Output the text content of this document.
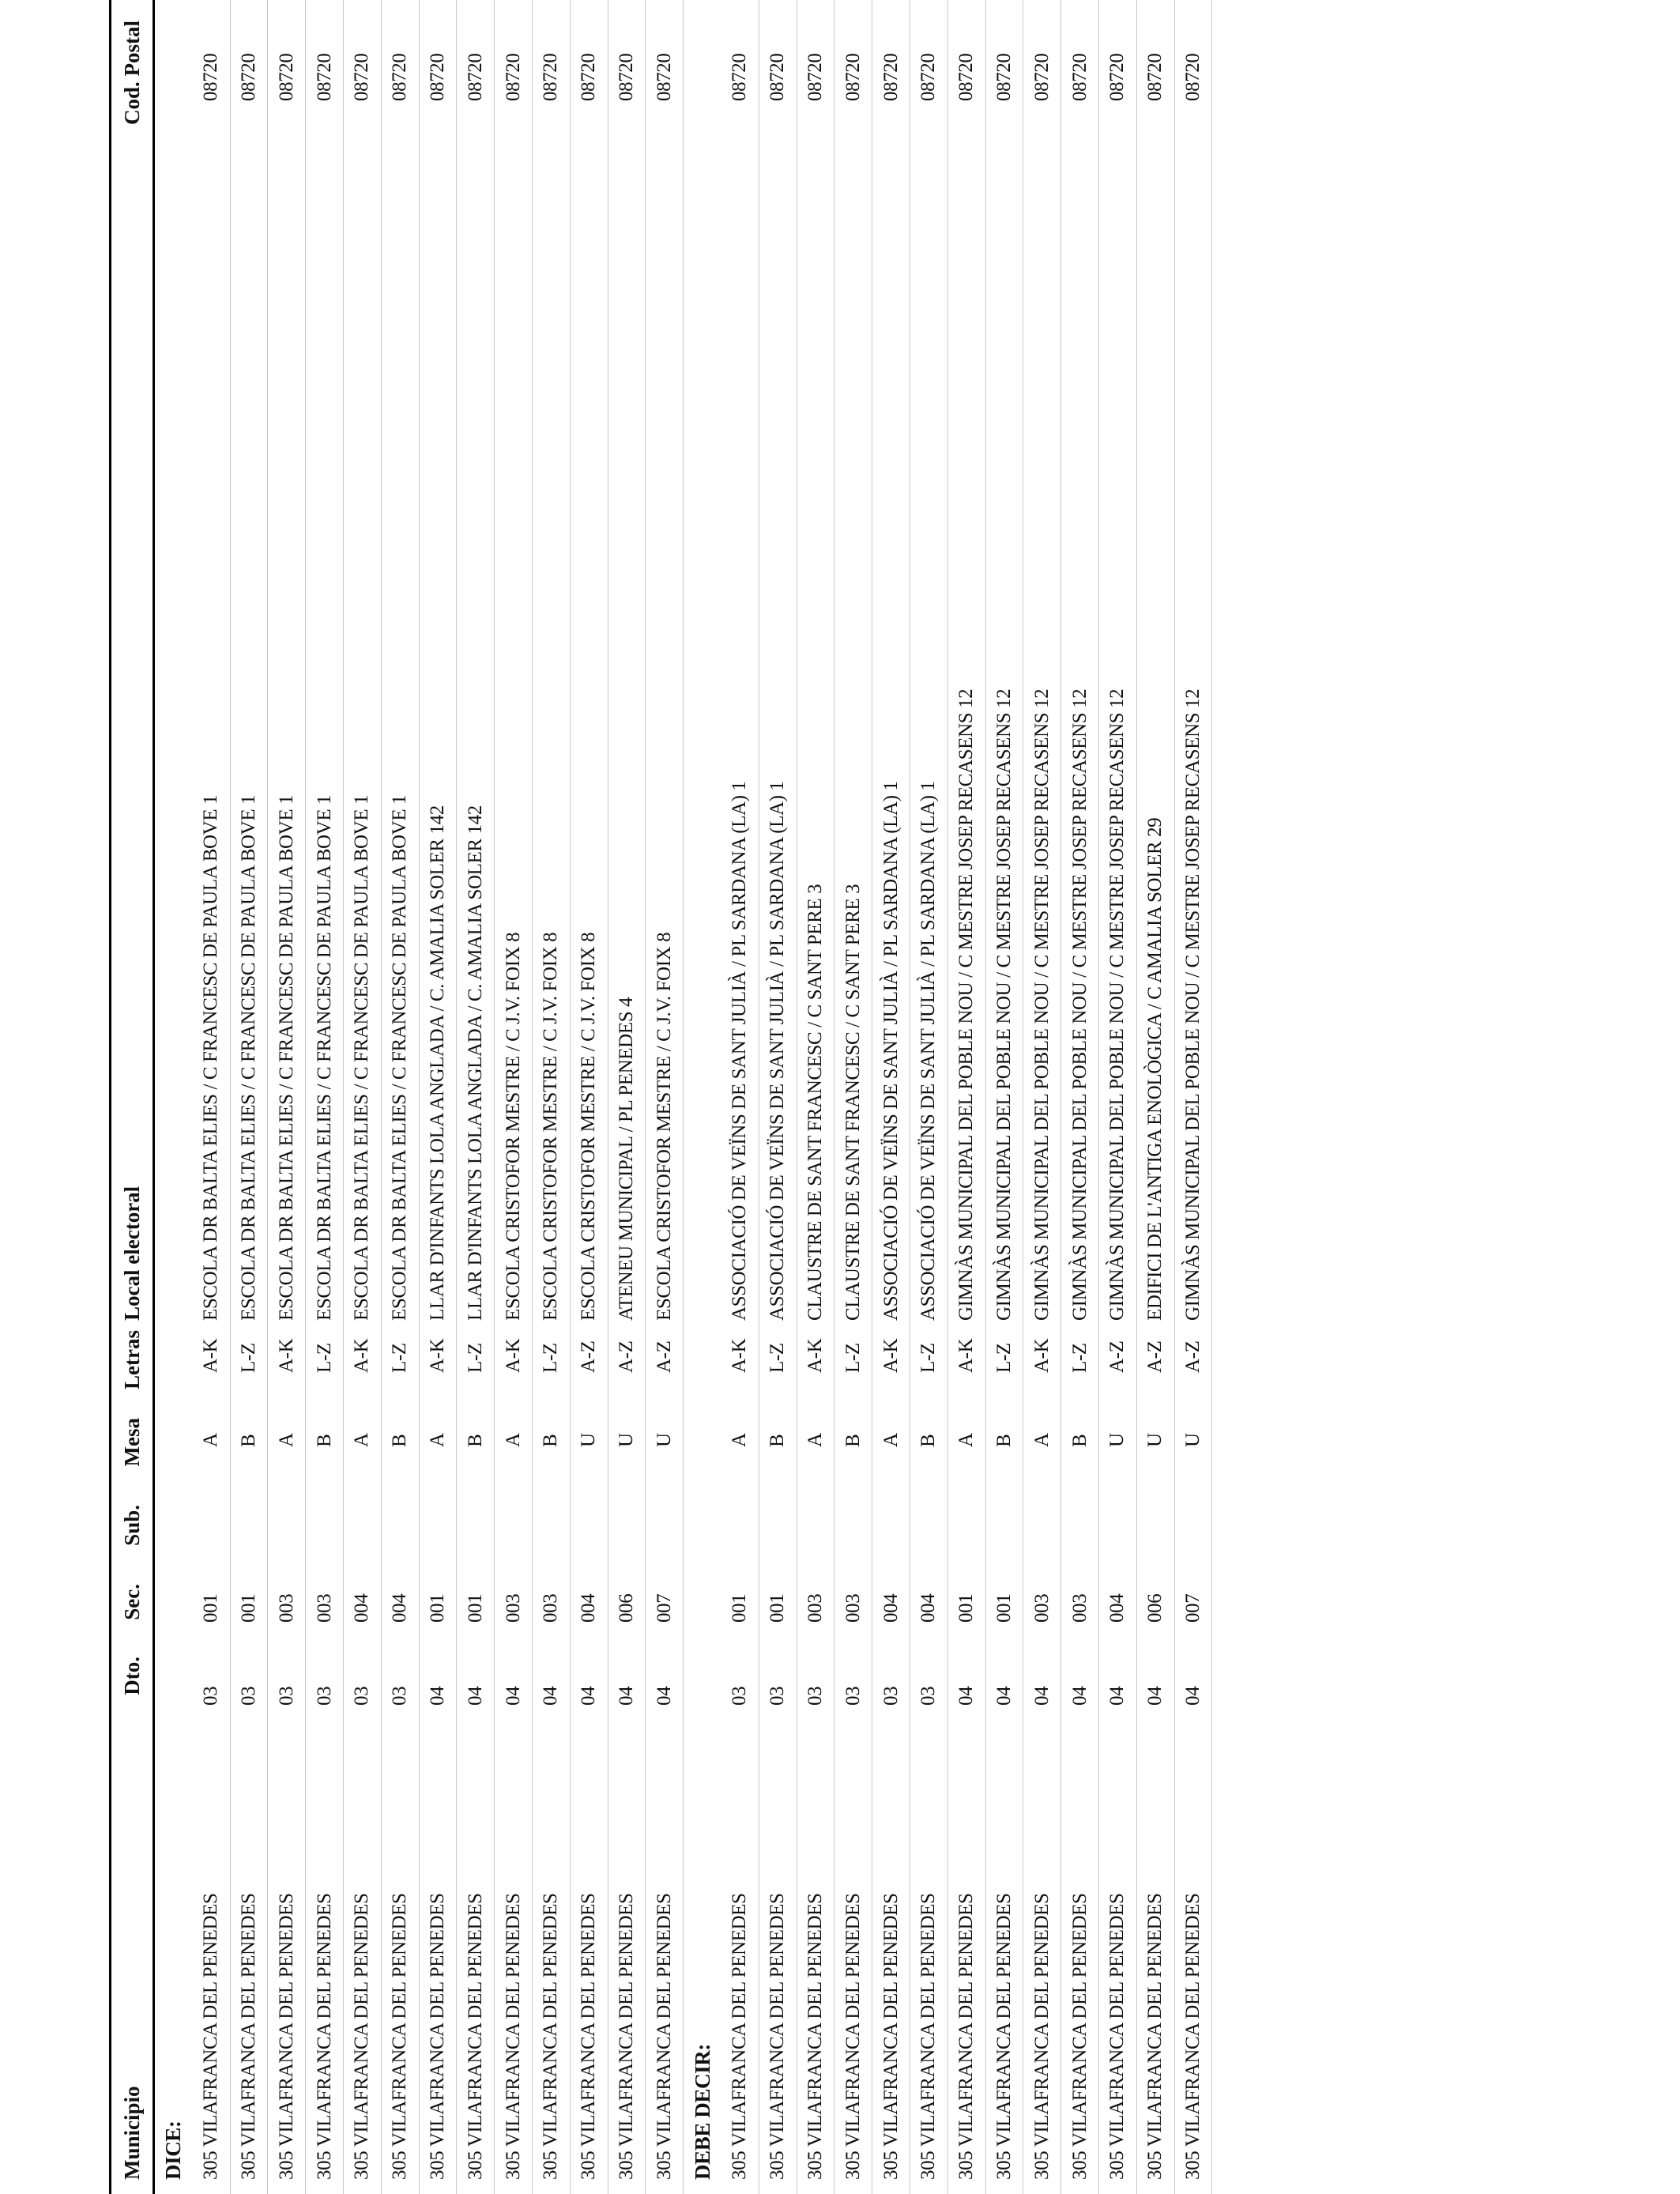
Municipio
Dto.
Sec.
Sub.
Mesa
Letras
Local electoral
Cod. Postal
DICE: 305 VILAFRANCA DEL PENEDES
03
001
A
A-K
ESCOLA DR BALTA ELIES / C FRANCESC DE PAULA BOVE 1
08720
305 VILAFRANCA DEL PENEDES
03
001
B
L-Z
ESCOLA DR BALTA ELIES / C FRANCESC DE PAULA BOVE 1
08720
305 VILAFRANCA DEL PENEDES
03
003
A
A-K
ESCOLA DR BALTA ELIES / C FRANCESC DE PAULA BOVE 1
08720
305 VILAFRANCA DEL PENEDES
03
003
B
L-Z
ESCOLA DR BALTA ELIES / C FRANCESC DE PAULA BOVE 1
08720
305 VILAFRANCA DEL PENEDES
03
004
A
A-K
ESCOLA DR BALTA ELIES / C FRANCESC DE PAULA BOVE 1
08720
305 VILAFRANCA DEL PENEDES
03
004
B
L-Z
ESCOLA DR BALTA ELIES / C FRANCESC DE PAULA BOVE 1
08720
305 VILAFRANCA DEL PENEDES
04
001
A
A-K
LLAR D'INFANTS LOLA ANGLADA / C. AMALIA SOLER 142
08720
305 VILAFRANCA DEL PENEDES
04
001
B
L-Z
LLAR D'INFANTS LOLA ANGLADA / C. AMALIA SOLER 142
08720
305 VILAFRANCA DEL PENEDES
04
003
A
A-K
ESCOLA CRISTOFOR MESTRE / C J.V. FOIX 8
08720
305 VILAFRANCA DEL PENEDES
04
003
B
L-Z
ESCOLA CRISTOFOR MESTRE / C J.V. FOIX 8
08720
305 VILAFRANCA DEL PENEDES
04
004
U
A-Z
ESCOLA CRISTOFOR MESTRE / C J.V. FOIX 8
08720
305 VILAFRANCA DEL PENEDES
04
006
U
A-Z
ATENEU MUNICIPAL / PL PENEDES 4
08720
305 VILAFRANCA DEL PENEDES
04
007
U
A-Z
ESCOLA CRISTOFOR MESTRE / C J.V. FOIX 8
08720
DEBE DECIR: 305 VILAFRANCA DEL PENEDES
03
001
A
A-K
ASSOCIACIÓ DE VEÏNS DE SANT JULIÀ / PL SARDANA (LA) 1
08720
305 VILAFRANCA DEL PENEDES
03
001
B
L-Z
ASSOCIACIÓ DE VEÏNS DE SANT JULIÀ / PL SARDANA (LA) 1
08720
305 VILAFRANCA DEL PENEDES
03
003
A
A-K
CLAUSTRE DE SANT FRANCESC / C SANT PERE 3
08720
305 VILAFRANCA DEL PENEDES
03
003
B
L-Z
CLAUSTRE DE SANT FRANCESC / C SANT PERE 3
08720
305 VILAFRANCA DEL PENEDES
03
004
A
A-K
ASSOCIACIÓ DE VEÏNS DE SANT JULIÀ / PL SARDANA (LA) 1
08720
305 VILAFRANCA DEL PENEDES
03
004
B
L-Z
ASSOCIACIÓ DE VEÏNS DE SANT JULIÀ / PL SARDANA (LA) 1
08720
305 VILAFRANCA DEL PENEDES
04
001
A
A-K
GIMNÀS MUNICIPAL DEL POBLE NOU / C MESTRE JOSEP RECASENS 12
08720
305 VILAFRANCA DEL PENEDES
04
001
B
L-Z
GIMNÀS MUNICIPAL DEL POBLE NOU / C MESTRE JOSEP RECASENS 12
08720
305 VILAFRANCA DEL PENEDES
04
003
A
A-K
GIMNÀS MUNICIPAL DEL POBLE NOU / C MESTRE JOSEP RECASENS 12
08720
305 VILAFRANCA DEL PENEDES
04
003
B
L-Z
GIMNÀS MUNICIPAL DEL POBLE NOU / C MESTRE JOSEP RECASENS 12
08720
305 VILAFRANCA DEL PENEDES
04
004
U
A-Z
GIMNÀS MUNICIPAL DEL POBLE NOU / C MESTRE JOSEP RECASENS 12
08720
305 VILAFRANCA DEL PENEDES
04
006
U
A-Z
EDIFICI DE L'ANTIGA ENOLÒGICA / C AMALIA SOLER 29
08720
305 VILAFRANCA DEL PENEDES
04
007
U
A-Z
GIMNÀS MUNICIPAL DEL POBLE NOU / C MESTRE JOSEP RECASENS 12
08720
